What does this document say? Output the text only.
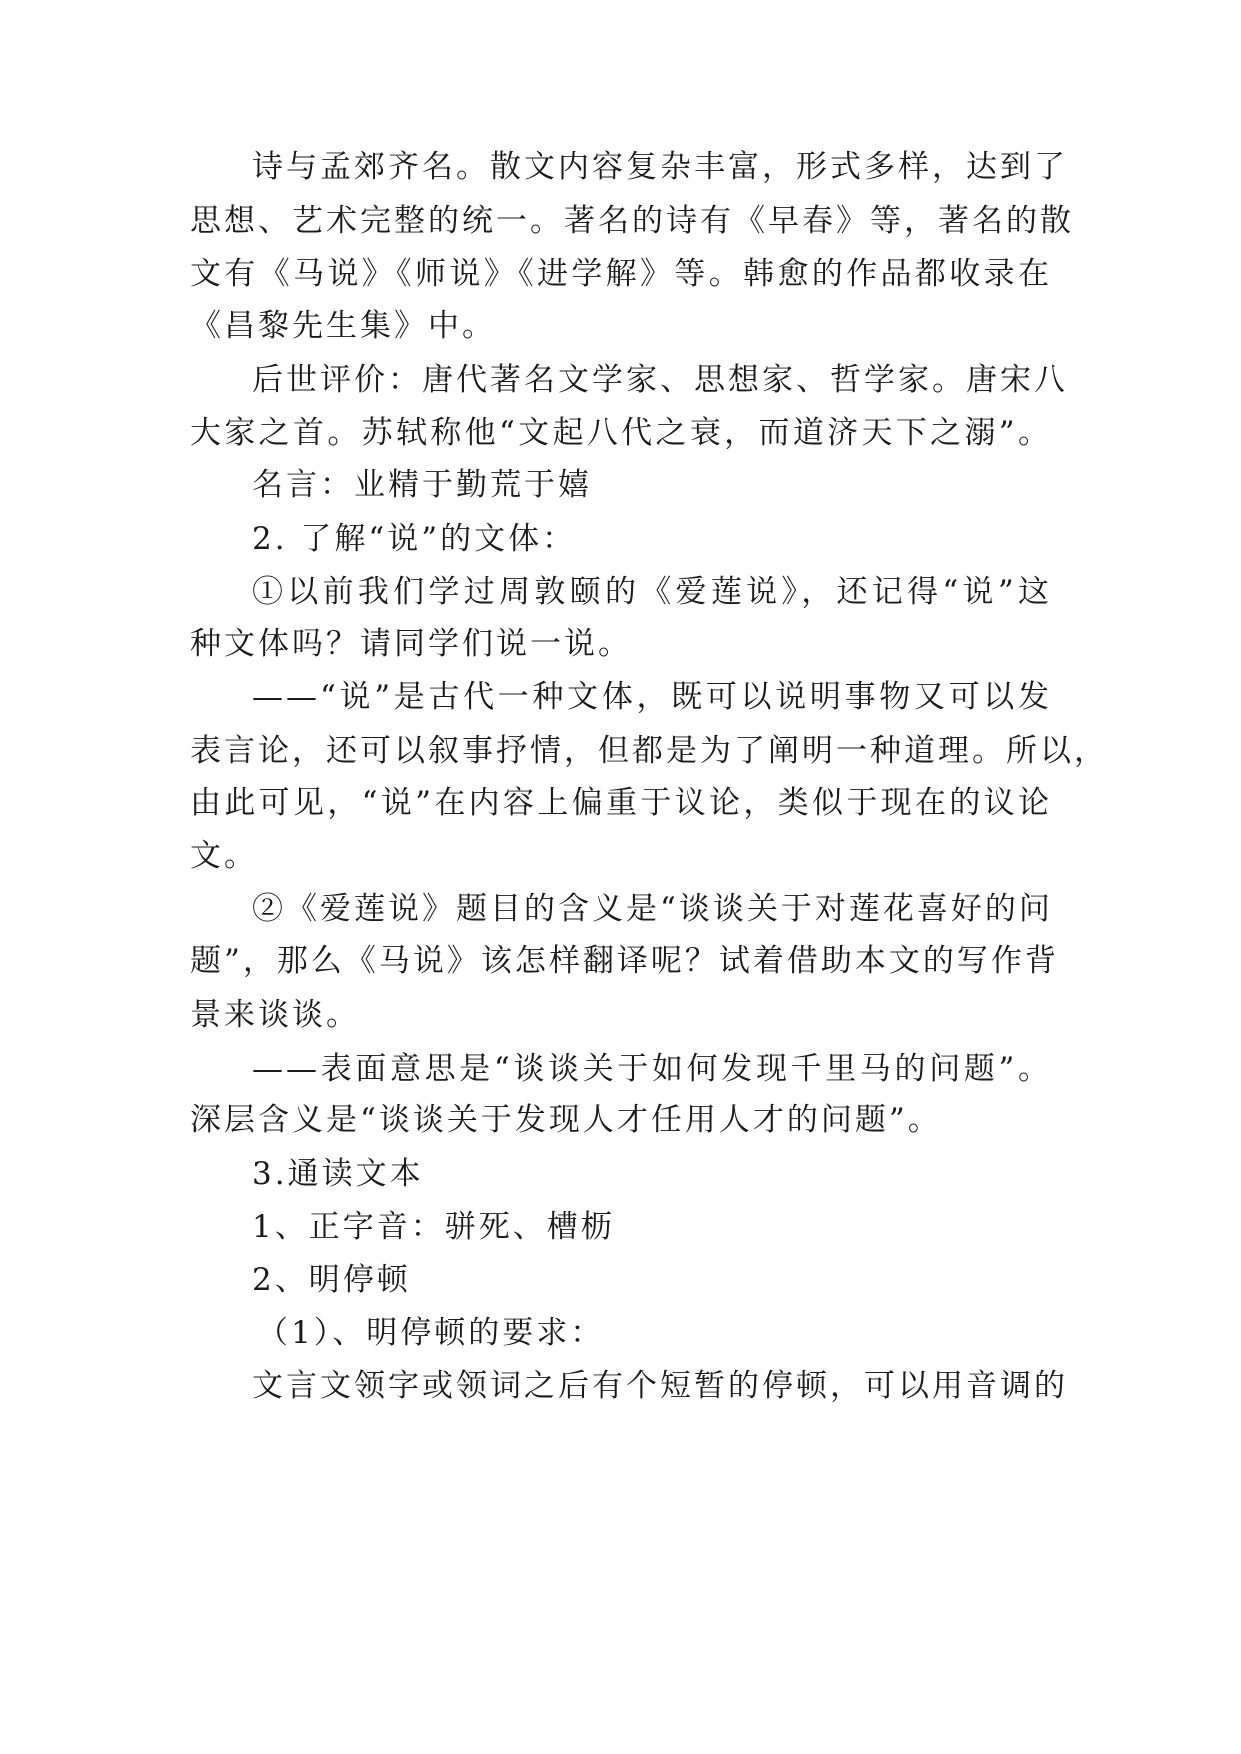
诗与孟郊齐名。散文内容复杂丰富，形式多样，达到了
思想、艺术完整的统一。著名的诗有《早春》等，著名的散
文有《马说》《师说》《进学解》等。韩愈的作品都收录在
《昌黎先生集》中。
后世评价：唐代著名文学家、思想家、哲学家。唐宋八
大家之首。苏轼称他“文起八代之衰，而道济天下之溺”。
名言：业精于勤荒于嬉
2. 了解“说”的文体：
①以前我们学过周敦颐的《爱莲说》，还记得“说”这
种文体吗？请同学们说一说。
——“说”是古代一种文体，既可以说明事物又可以发
表言论，还可以叙事抒情，但都是为了阐明一种道理。所以，
由此可见，“说”在内容上偏重于议论，类似于现在的议论
文。
②《爱莲说》题目的含义是“谈谈关于对莲花喜好的问
题”，那么《马说》该怎样翻译呢？试着借助本文的写作背
景来谈谈。
——表面意思是“谈谈关于如何发现千里马的问题”。
深层含义是“谈谈关于发现人才任用人才的问题”。
3.通读文本
1、正字音：骈死、槽枥
2、明停顿
（1）、明停顿的要求：
文言文领字或领词之后有个短暂的停顿，可以用音调的
